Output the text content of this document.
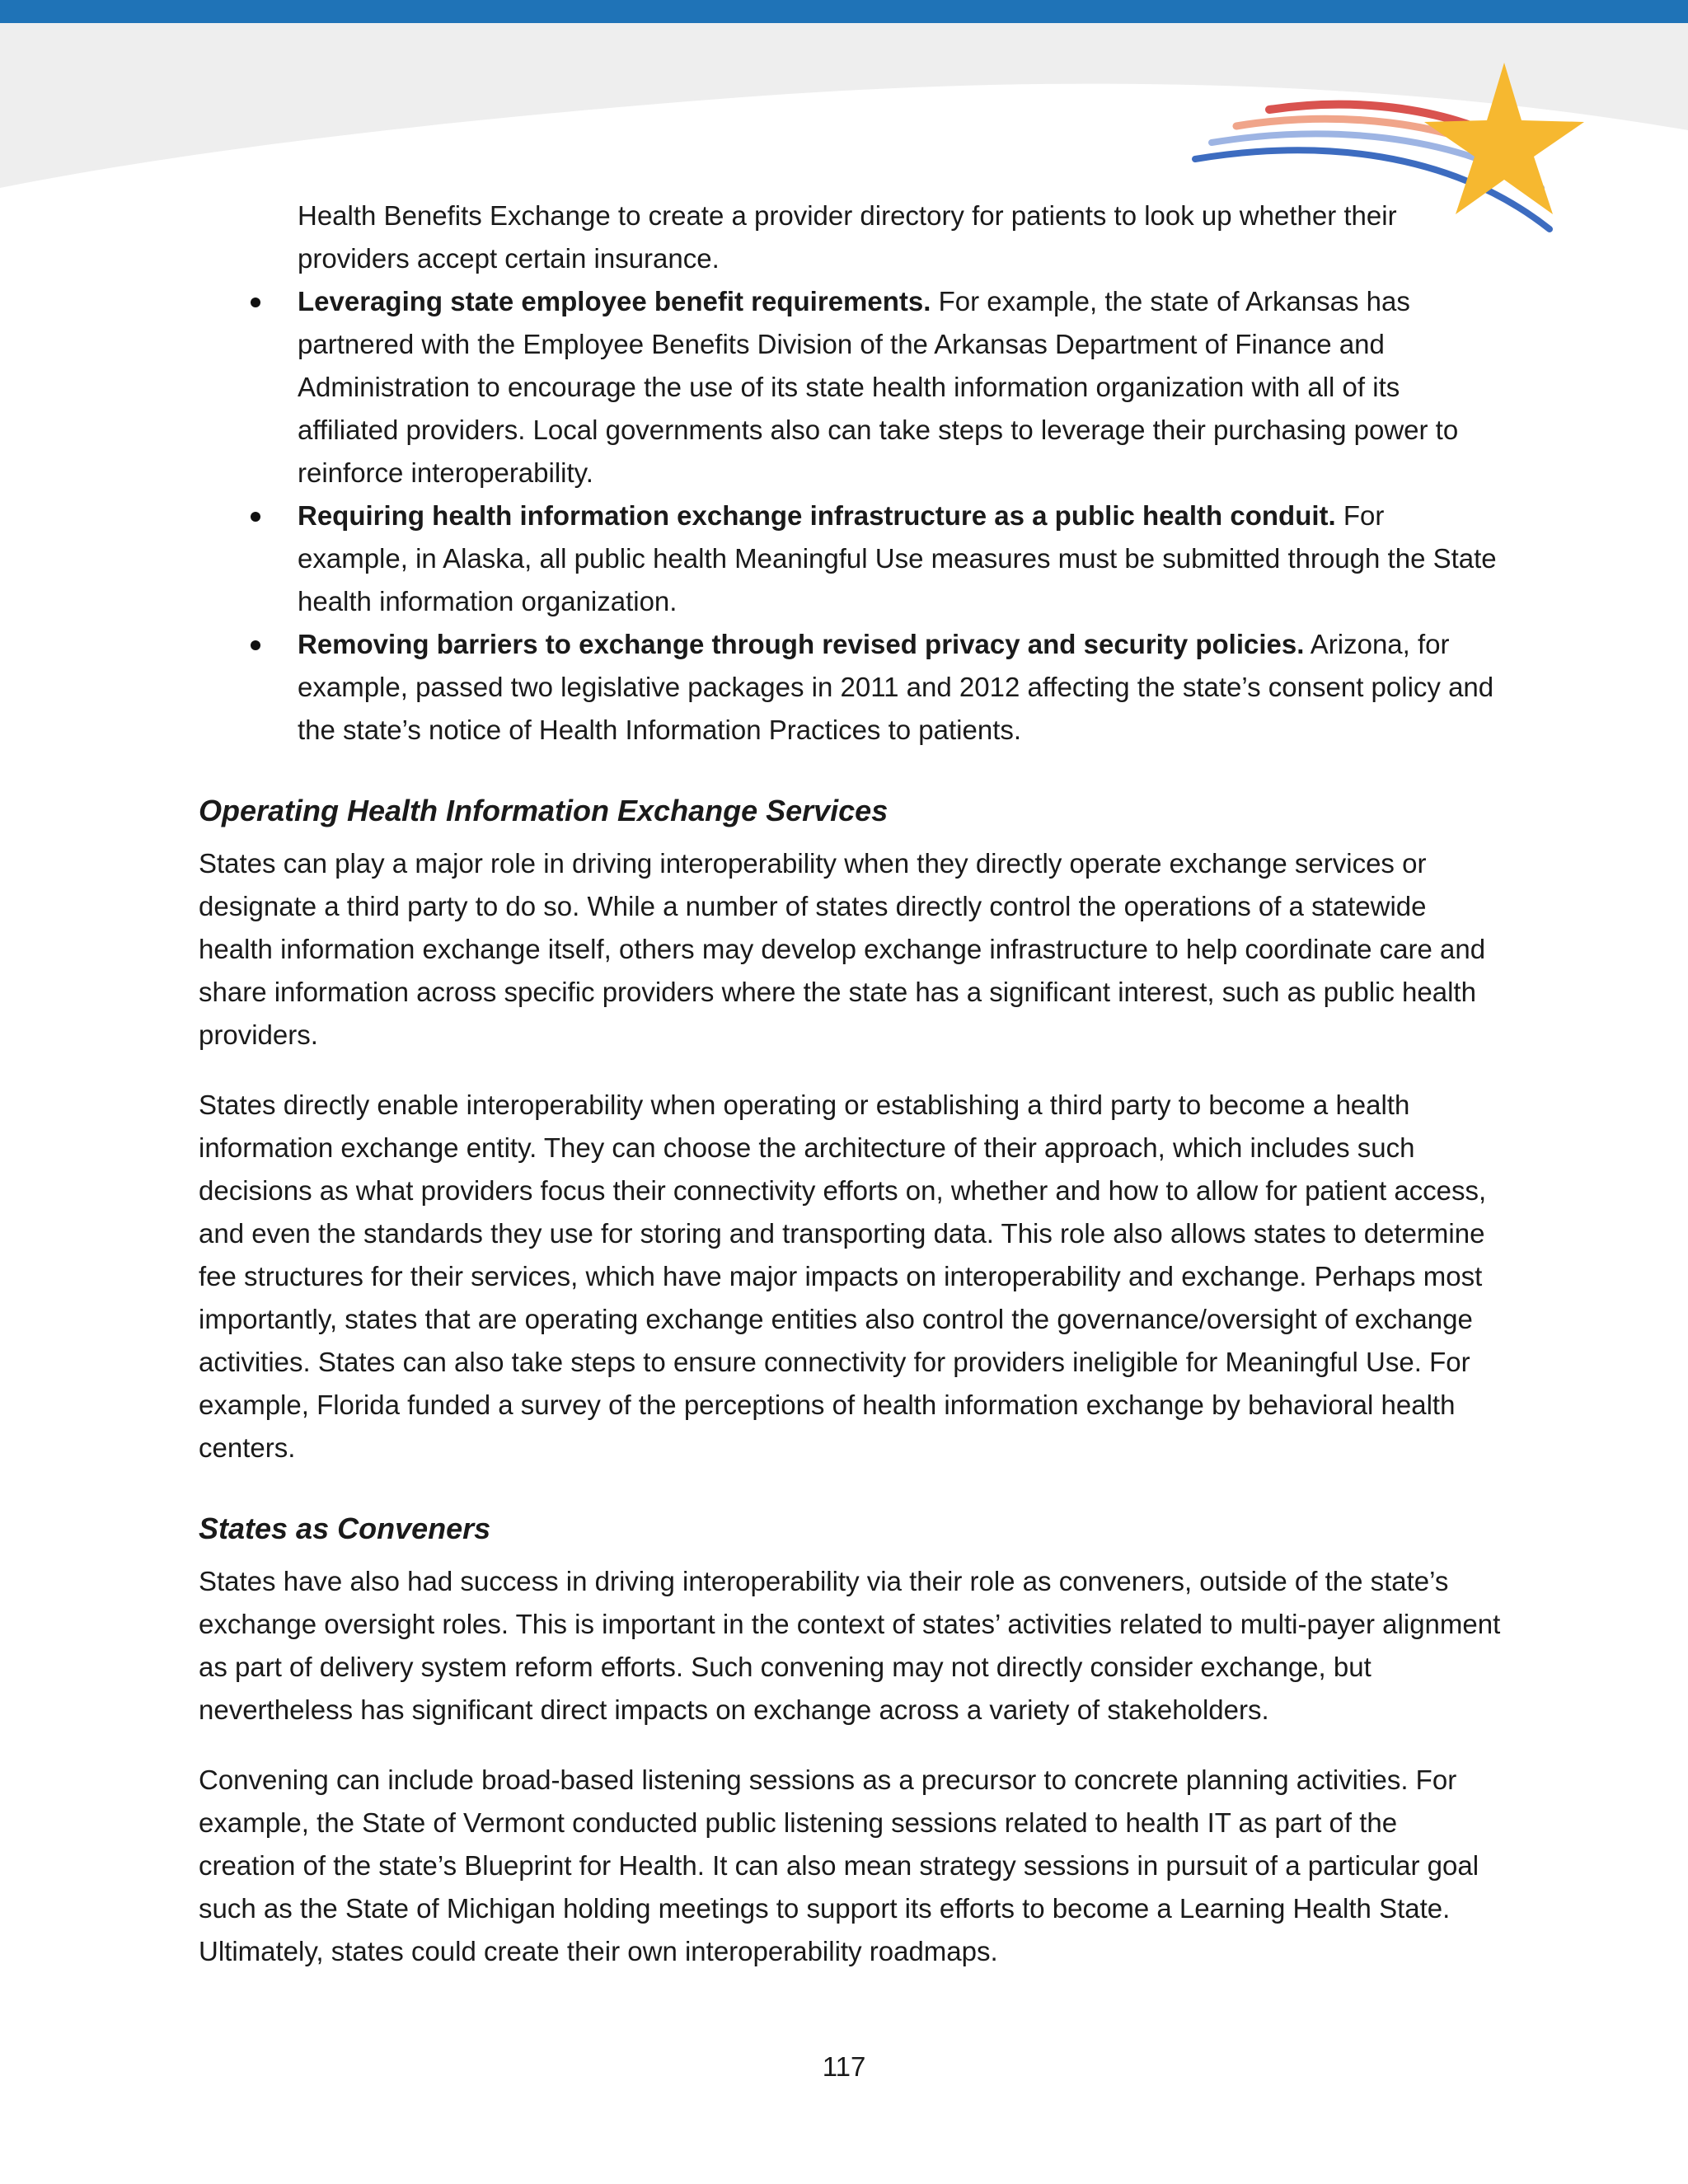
Health Benefits Exchange to create a provider directory for patients to look up whether their providers accept certain insurance.
Leveraging state employee benefit requirements. For example, the state of Arkansas has partnered with the Employee Benefits Division of the Arkansas Department of Finance and Administration to encourage the use of its state health information organization with all of its affiliated providers. Local governments also can take steps to leverage their purchasing power to reinforce interoperability.
Requiring health information exchange infrastructure as a public health conduit. For example, in Alaska, all public health Meaningful Use measures must be submitted through the State health information organization.
Removing barriers to exchange through revised privacy and security policies. Arizona, for example, passed two legislative packages in 2011 and 2012 affecting the state’s consent policy and the state’s notice of Health Information Practices to patients.
Operating Health Information Exchange Services

States can play a major role in driving interoperability when they directly operate exchange services or designate a third party to do so. While a number of states directly control the operations of a statewide health information exchange itself, others may develop exchange infrastructure to help coordinate care and share information across specific providers where the state has a significant interest, such as public health providers.

States directly enable interoperability when operating or establishing a third party to become a health information exchange entity. They can choose the architecture of their approach, which includes such decisions as what providers focus their connectivity efforts on, whether and how to allow for patient access, and even the standards they use for storing and transporting data. This role also allows states to determine fee structures for their services, which have major impacts on interoperability and exchange. Perhaps most importantly, states that are operating exchange entities also control the governance/oversight of exchange activities. States can also take steps to ensure connectivity for providers ineligible for Meaningful Use. For example, Florida funded a survey of the perceptions of health information exchange by behavioral health centers.

States as Conveners

States have also had success in driving interoperability via their role as conveners, outside of the state’s exchange oversight roles. This is important in the context of states’ activities related to multi-payer alignment as part of delivery system reform efforts. Such convening may not directly consider exchange, but nevertheless has significant direct impacts on exchange across a variety of stakeholders.

Convening can include broad-based listening sessions as a precursor to concrete planning activities. For example, the State of Vermont conducted public listening sessions related to health IT as part of the creation of the state’s Blueprint for Health. It can also mean strategy sessions in pursuit of a particular goal such as the State of Michigan holding meetings to support its efforts to become a Learning Health State. Ultimately, states could create their own interoperability roadmaps.

117
